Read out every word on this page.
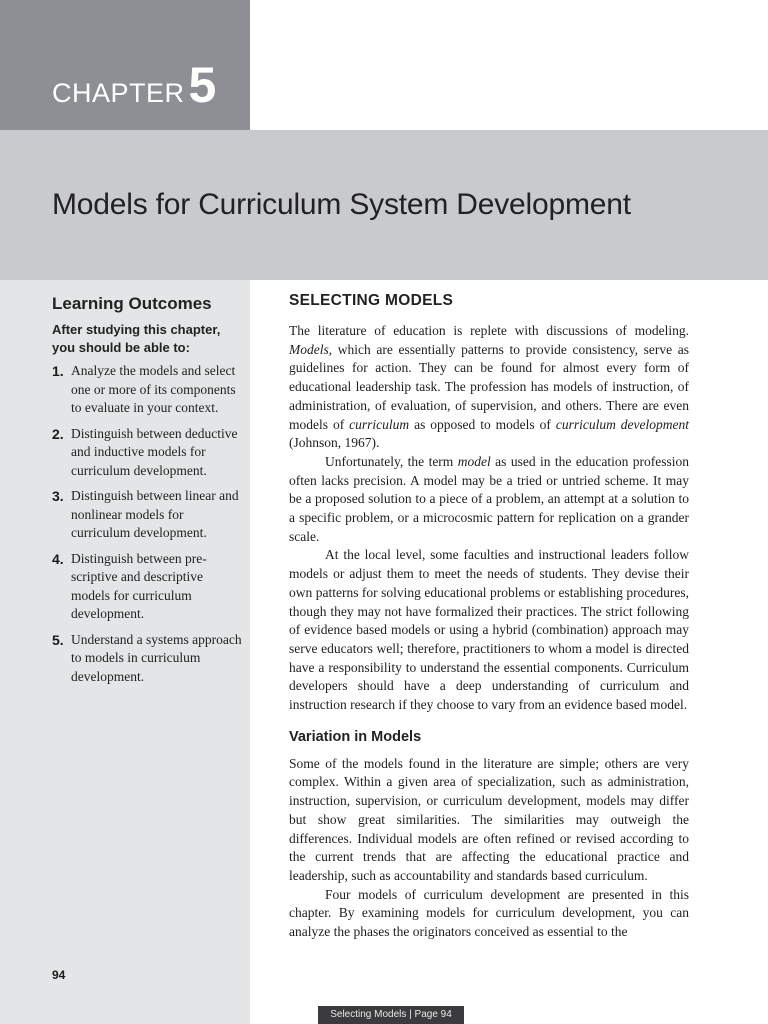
CHAPTER 5
Models for Curriculum System Development
Learning Outcomes

After studying this chapter, you should be able to:

1. Analyze the models and select one or more of its components to evaluate in your context.
2. Distinguish between deductive and inductive models for curriculum development.
3. Distinguish between linear and nonlinear models for curriculum development.
4. Distinguish between pre-scriptive and descriptive models for curriculum development.
5. Understand a systems approach to models in curriculum development.
94
SELECTING MODELS

The literature of education is replete with discussions of modeling. Models, which are essentially patterns to provide consistency, serve as guidelines for action. They can be found for almost every form of educational leadership task. The profession has models of instruction, of administration, of evaluation, of supervision, and others. There are even models of curriculum as opposed to models of curriculum development (Johnson, 1967).

Unfortunately, the term model as used in the education profession often lacks precision. A model may be a tried or untried scheme. It may be a proposed solution to a piece of a problem, an attempt at a solution to a specific problem, or a microcosmic pattern for replication on a grander scale.

At the local level, some faculties and instructional leaders follow models or adjust them to meet the needs of students. They devise their own patterns for solving educational problems or establishing procedures, though they may not have formalized their practices. The strict following of evidence based models or using a hybrid (combination) approach may serve educators well; therefore, practitioners to whom a model is directed have a responsibility to understand the essential components. Curriculum developers should have a deep understanding of curriculum and instruction research if they choose to vary from an evidence based model.

Variation in Models

Some of the models found in the literature are simple; others are very complex. Within a given area of specialization, such as administration, instruction, supervision, or curriculum development, models may differ but show great similarities. The similarities may outweigh the differences. Individual models are often refined or revised according to the current trends that are affecting the educational practice and leadership, such as accountability and standards based curriculum.

Four models of curriculum development are presented in this chapter. By examining models for curriculum development, you can analyze the phases the originators conceived as essential to the

Selecting Models | Page 94
